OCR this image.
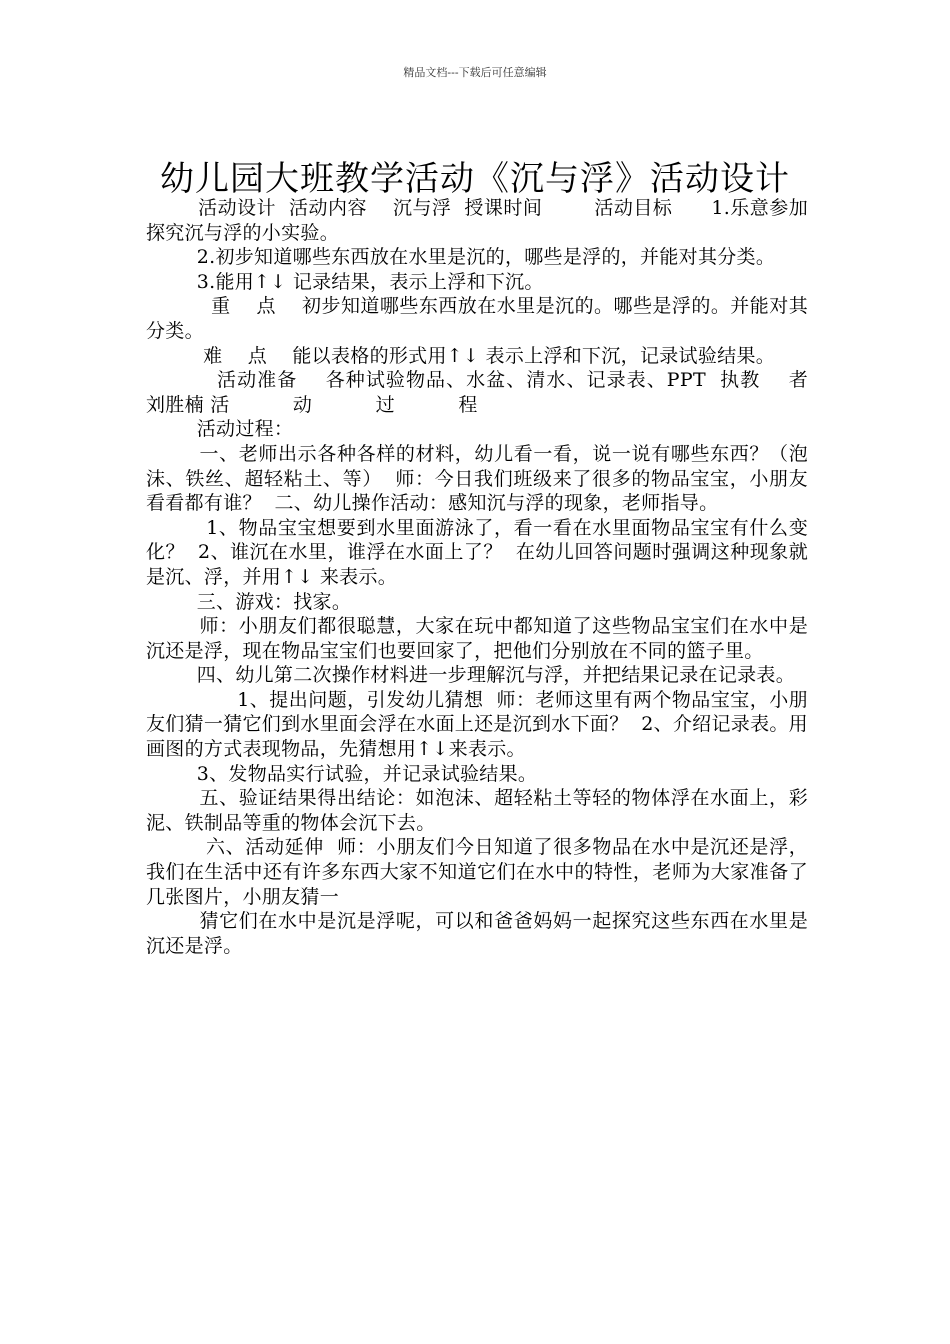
精品文档---下载后可任意编辑
幼儿园大班教学活动《沉与浮》活动设计

活动设计  活动内容    沉与浮  授课时间        活动目标      1.乐意参加探究沉与浮的小实验。

2.初步知道哪些东西放在水里是沉的，哪些是浮的，并能对其分类。

3.能用↑↓ 记录结果，表示上浮和下沉。

重    点    初步知道哪些东西放在水里是沉的。哪些是浮的。并能对其分类。

难    点    能以表格的形式用↑↓ 表示上浮和下沉，记录试验结果。

活动准备    各种试验物品、水盆、清水、记录表、PPT  执教    者   刘胜楠 活          动          过          程

活动过程：

一、老师出示各种各样的材料，幼儿看一看，说一说有哪些东西？（泡沫、铁丝、超轻粘土、等）  师：今日我们班级来了很多的物品宝宝，小朋友看看都有谁？  二、幼儿操作活动：感知沉与浮的现象，老师指导。

1、物品宝宝想要到水里面游泳了，看一看在水里面物品宝宝有什么变化？  2、谁沉在水里，谁浮在水面上了？  在幼儿回答问题时强调这种现象就是沉、浮，并用↑↓ 来表示。

三、游戏：找家。

师：小朋友们都很聪慧，大家在玩中都知道了这些物品宝宝们在水中是沉还是浮，现在物品宝宝们也要回家了，把他们分别放在不同的篮子里。

四、幼儿第二次操作材料进一步理解沉与浮，并把结果记录在记录表。

1、提出问题，引发幼儿猜想  师：老师这里有两个物品宝宝，小朋友们猜一猜它们到水里面会浮在水面上还是沉到水下面？  2、介绍记录表。用画图的方式表现物品，先猜想用↑↓来表示。

3、发物品实行试验，并记录试验结果。

五、验证结果得出结论：如泡沫、超轻粘土等轻的物体浮在水面上，彩泥、铁制品等重的物体会沉下去。

六、活动延伸  师：小朋友们今日知道了很多物品在水中是沉还是浮，我们在生活中还有许多东西大家不知道它们在水中的特性，老师为大家准备了几张图片，小朋友猜一

猜它们在水中是沉是浮呢，可以和爸爸妈妈一起探究这些东西在水里是沉还是浮。
